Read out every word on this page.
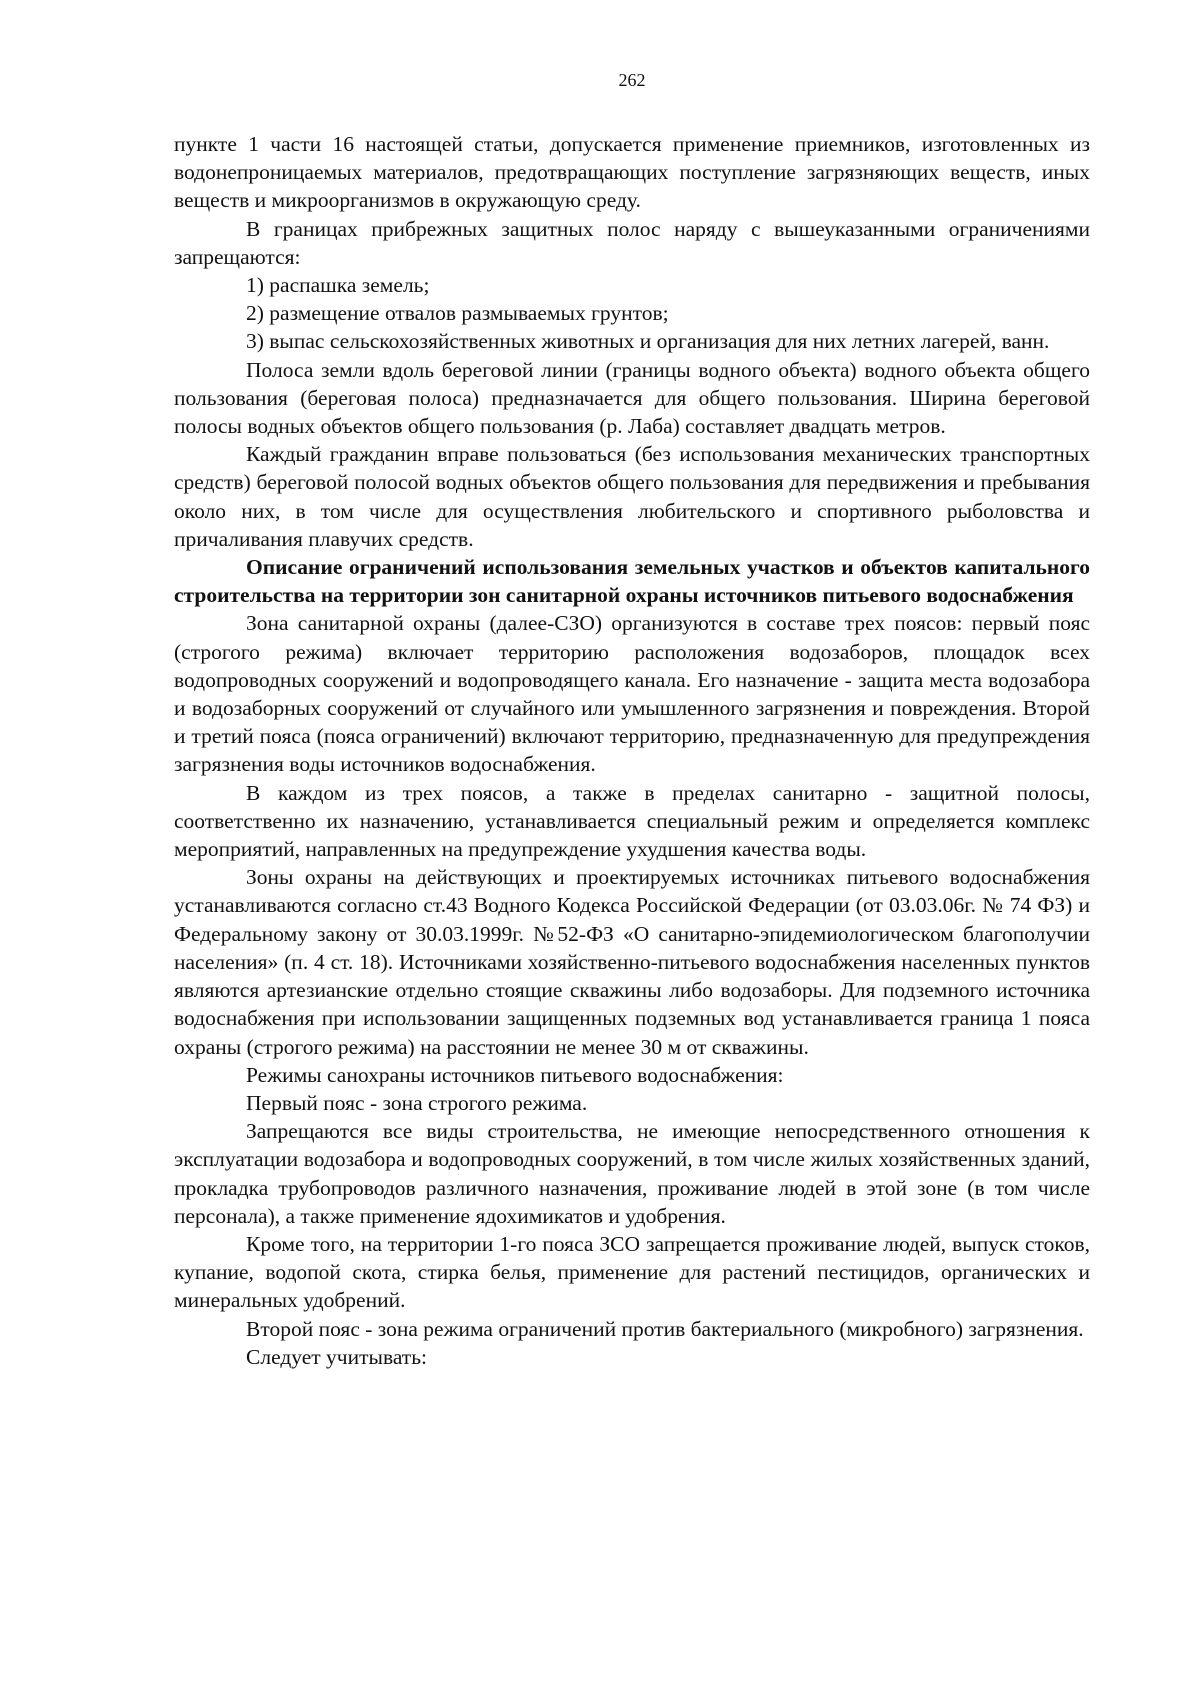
262

пункте 1 части 16 настоящей статьи, допускается применение приемников, изготовленных из водонепроницаемых материалов, предотвращающих поступление загрязняющих веществ, иных веществ и микроорганизмов в окружающую среду.

В границах прибрежных защитных полос наряду с вышеуказанными ограничениями запрещаются:

1) распашка земель;

2) размещение отвалов размываемых грунтов;

3) выпас сельскохозяйственных животных и организация для них летних лагерей, ванн.

Полоса земли вдоль береговой линии (границы водного объекта) водного объекта общего пользования (береговая полоса) предназначается для общего пользования. Ширина береговой полосы водных объектов общего пользования (р. Лаба) составляет двадцать метров.

Каждый гражданин вправе пользоваться (без использования механических транспортных средств) береговой полосой водных объектов общего пользования для передвижения и пребывания около них, в том числе для осуществления любительского и спортивного рыболовства и причаливания плавучих средств.

Описание ограничений использования земельных участков и объектов капитального строительства на территории зон санитарной охраны источников питьевого водоснабжения

Зона санитарной охраны (далее-СЗО) организуются в составе трех поясов: первый пояс (строгого режима) включает территорию расположения водозаборов, площадок всех водопроводных сооружений и водопроводящего канала. Его назначение - защита места водозабора и водозаборных сооружений от случайного или умышленного загрязнения и повреждения. Второй и третий пояса (пояса ограничений) включают территорию, предназначенную для предупреждения загрязнения воды источников водоснабжения.

В каждом из трех поясов, а также в пределах санитарно - защитной полосы, соответственно их назначению, устанавливается специальный режим и определяется комплекс мероприятий, направленных на предупреждение ухудшения качества воды.

Зоны охраны на действующих и проектируемых источниках питьевого водоснабжения устанавливаются согласно ст.43 Водного Кодекса Российской Федерации (от 03.03.06г. № 74 ФЗ) и Федеральному закону от 30.03.1999г. №52-ФЗ «О санитарно-эпидемиологическом благополучии населения» (п. 4 ст. 18). Источниками хозяйственно-питьевого водоснабжения населенных пунктов являются артезианские отдельно стоящие скважины либо водозаборы. Для подземного источника водоснабжения при использовании защищенных подземных вод устанавливается граница 1 пояса охраны (строгого режима) на расстоянии не менее 30 м от скважины.

Режимы санохраны источников питьевого водоснабжения:

Первый пояс - зона строгого режима.

Запрещаются все виды строительства, не имеющие непосредственного отношения к эксплуатации водозабора и водопроводных сооружений, в том числе жилых хозяйственных зданий, прокладка трубопроводов различного назначения, проживание людей в этой зоне (в том числе персонала), а также применение ядохимикатов и удобрения.

Кроме того, на территории 1-го пояса ЗСО запрещается проживание людей, выпуск стоков, купание, водопой скота, стирка белья, применение для растений пестицидов, органических и минеральных удобрений.

Второй пояс - зона режима ограничений против бактериального (микробного) загрязнения.

Следует учитывать:
